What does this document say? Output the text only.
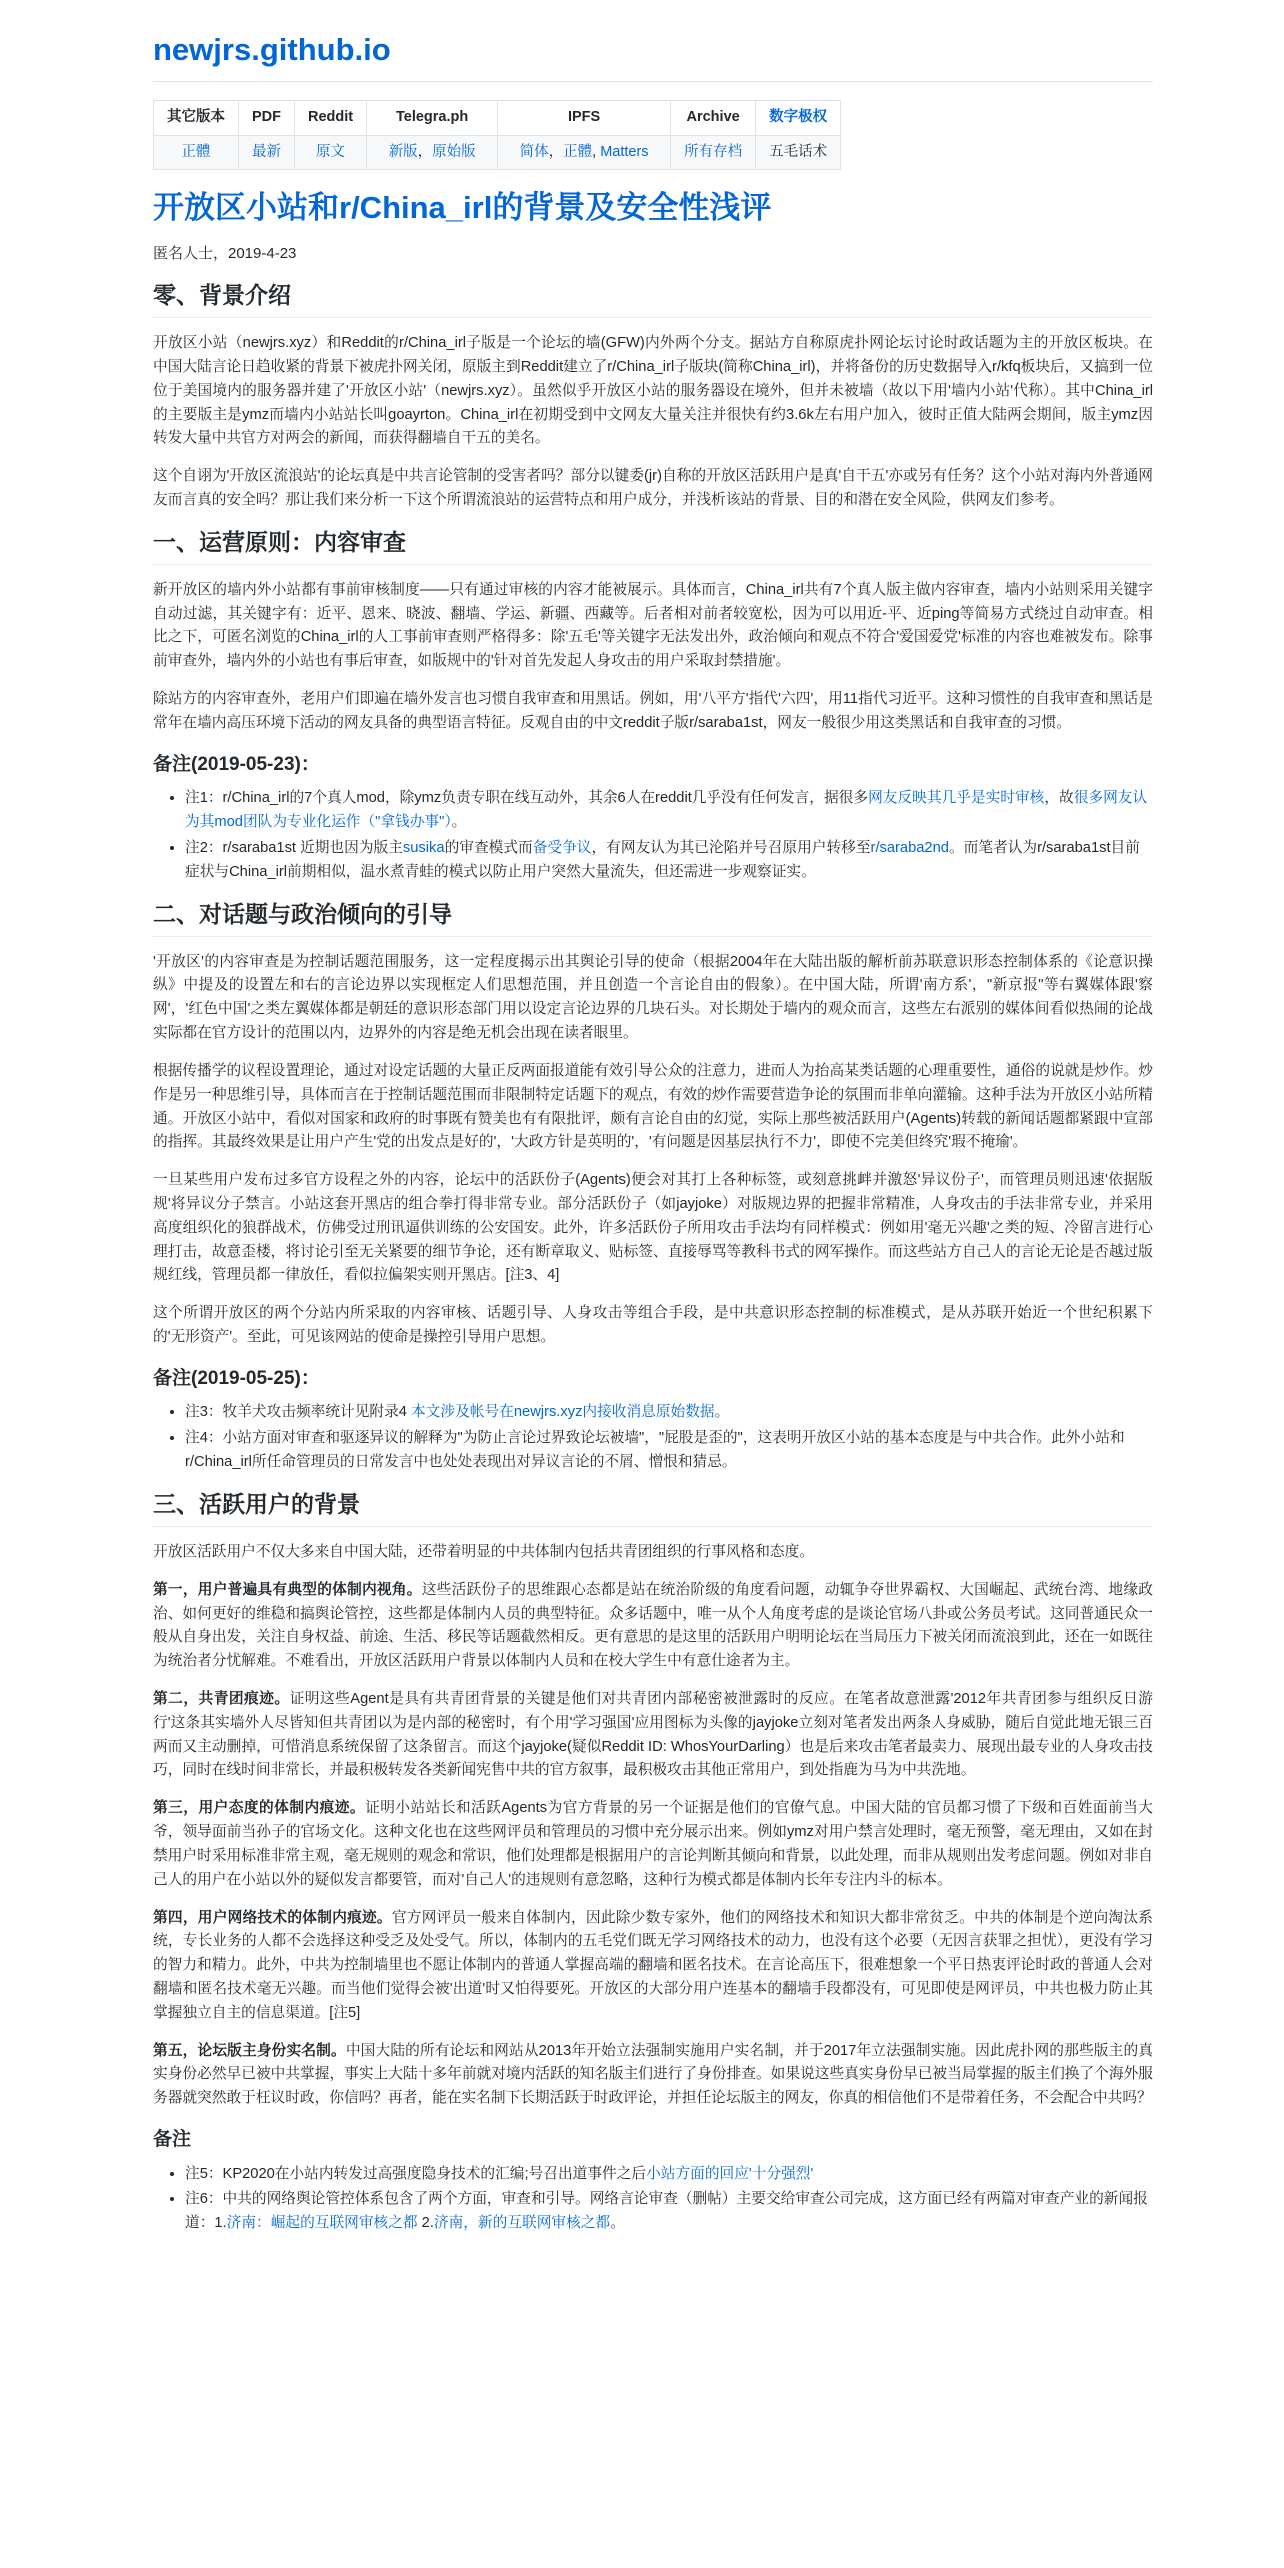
newjrs.github.io
其它版本	PDF	Reddit	Telegra.ph	IPFS	Archive	数字极权
正體	最新	原文	新版，原始版	简体，正體, Matters	所有存档	五毛话术
开放区小站和r/China_irl的背景及安全性浅评
匿名人士，2019-4-23
零、背景介绍

开放区小站（newjrs.xyz）和Reddit的r/China_irl子版是一个论坛的墙(GFW)内外两个分支。据站方自称原虎扑网论坛讨论时政话题为主的开放区板块。在中国大陆言论日趋收紧的背景下被虎扑网关闭，原版主到Reddit建立了r/China_irl子版块(简称China_irl)，并将备份的历史数据导入r/kfq板块后，又搞到一位位于美国境内的服务器并建了'开放区小站'（newjrs.xyz）。虽然似乎开放区小站的服务器设在境外，但并未被墙（故以下用'墙内小站'代称）。其中China_irl的主要版主是ymz而墙内小站站长叫goayrton。China_irl在初期受到中文网友大量关注并很快有约3.6k左右用户加入，彼时正值大陆两会期间，版主ymz因转发大量中共官方对两会的新闻，而获得翻墙自干五的美名。

这个自诩为'开放区流浪站'的论坛真是中共言论管制的受害者吗？部分以键委(jr)自称的开放区活跃用户是真'自干五'亦或另有任务？这个小站对海内外普通网友而言真的安全吗？那让我们来分析一下这个所谓流浪站的运营特点和用户成分，并浅析该站的背景、目的和潜在安全风险，供网友们参考。

一、运营原则：内容审查

新开放区的墙内外小站都有事前审核制度——只有通过审核的内容才能被展示。具体而言，China_irl共有7个真人版主做内容审查，墙内小站则采用关键字自动过滤，其关键字有：近平、恩来、晓波、翻墙、学运、新疆、西藏等。后者相对前者较宽松，因为可以用近-平、近ping等简易方式绕过自动审查。相比之下，可匿名浏览的China_irl的人工事前审查则严格得多：除'五毛'等关键字无法发出外，政治倾向和观点不符合'爱国爱党'标准的内容也难被发布。除事前审查外，墙内外的小站也有事后审查，如版规中的'针对首先发起人身攻击的用户采取封禁措施'。

除站方的内容审查外，老用户们即遍在墙外发言也习惯自我审查和用黑话。例如，用'八平方'指代'六四'，用11指代习近平。这种习惯性的自我审查和黑话是常年在墙内高压环境下活动的网友具备的典型语言特征。反观自由的中文reddit子版r/saraba1st，网友一般很少用这类黑话和自我审查的习惯。

备注(2019-05-23)：
• 注1：r/China_irl的7个真人mod，除ymz负责专职在线互动外，其余6人在reddit几乎没有任何发言，据很多网友反映其几乎是实时审核，故很多网友认为其mod团队为专业化运作（"拿钱办事"）。
• 注2：r/saraba1st 近期也因为版主susika的审查模式而备受争议，有网友认为其已沦陷并号召原用户转移至r/saraba2nd。而笔者认为r/saraba1st目前症状与China_irl前期相似，温水煮青蛙的模式以防止用户突然大量流失，但还需进一步观察证实。
二、对话题与政治倾向的引导

'开放区'的内容审查是为控制话题范围服务，这一定程度揭示出其舆论引导的使命（根据2004年在大陆出版的解析前苏联意识形态控制体系的《论意识操纵》中提及的设置左和右的言论边界以实现框定人们思想范围，并且创造一个言论自由的假象）。在中国大陆，所谓'南方系'，"新京报"等右翼媒体跟'察网'，'红色中国'之类左翼媒体都是朝廷的意识形态部门用以设定言论边界的几块石头。对长期处于墙内的观众而言，这些左右派别的媒体间看似热闹的论战实际都在官方设计的范围以内，边界外的内容是绝无机会出现在读者眼里。

根据传播学的议程设置理论，通过对设定话题的大量正反两面报道能有效引导公众的注意力，进而人为抬高某类话题的心理重要性，通俗的说就是炒作。炒作是另一种思维引导，具体而言在于控制话题范围而非限制特定话题下的观点，有效的炒作需要营造争论的氛围而非单向灌输。这种手法为开放区小站所精通。开放区小站中，看似对国家和政府的时事既有赞美也有有限批评，颇有言论自由的幻觉，实际上那些被活跃用户(Agents)转载的新闻话题都紧跟中宣部的指挥。其最终效果是让用户产生'党的出发点是好的'，'大政方针是英明的'，'有问题是因基层执行不力'，即使不完美但终究'瑕不掩瑜'。

一旦某些用户发布过多官方设程之外的内容，论坛中的活跃份子(Agents)便会对其打上各种标签，或刻意挑衅并激怒'异议份子'，而管理员则迅速'依据版规'将异议分子禁言。小站这套开黑店的组合拳打得非常专业。部分活跃份子（如jayjoke）对版规边界的把握非常精准，人身攻击的手法非常专业，并采用高度组织化的狼群战术，仿佛受过刑讯逼供训练的公安国安。此外，许多活跃份子所用攻击手法均有同样模式：例如用'毫无兴趣'之类的短、冷留言进行心理打击，故意歪楼，将讨论引至无关紧要的细节争论，还有断章取义、贴标签、直接辱骂等教科书式的网军操作。而这些站方自己人的言论无论是否越过版规红线，管理员都一律放任，看似拉偏架实则开黑店。[注3、4]

这个所谓开放区的两个分站内所采取的内容审核、话题引导、人身攻击等组合手段，是中共意识形态控制的标准模式，是从苏联开始近一个世纪积累下的'无形资产'。至此，可见该网站的使命是操控引导用户思想。

备注(2019-05-25)：
• 注3：牧羊犬攻击频率统计见附录4 本文涉及帐号在newjrs.xyz内接收消息原始数据。
• 注4：小站方面对审查和驱逐异议的解释为"为防止言论过界致论坛被墙"，"屁股是歪的"，这表明开放区小站的基本态度是与中共合作。此外小站和r/China_irl所任命管理员的日常发言中也处处表现出对异议言论的不屑、憎恨和猜忌。
三、活跃用户的背景

开放区活跃用户不仅大多来自中国大陆，还带着明显的中共体制内包括共青团组织的行事风格和态度。

第一，用户普遍具有典型的体制内视角。这些活跃份子的思维跟心态都是站在统治阶级的角度看问题，动辄争夺世界霸权、大国崛起、武统台湾、地缘政治、如何更好的维稳和搞舆论管控，这些都是体制内人员的典型特征。众多话题中，唯一从个人角度考虑的是谈论官场八卦或公务员考试。这同普通民众一般从自身出发，关注自身权益、前途、生活、移民等话题截然相反。更有意思的是这里的活跃用户明明论坛在当局压力下被关闭而流浪到此，还在一如既往为统治者分忧解难。不难看出，开放区活跃用户背景以体制内人员和在校大学生中有意仕途者为主。

第二，共青团痕迹。证明这些Agent是具有共青团背景的关键是他们对共青团内部秘密被泄露时的反应。在笔者故意泄露'2012年共青团参与组织反日游行'这条其实墙外人尽皆知但共青团以为是内部的秘密时，有个用'学习强国'应用图标为头像的jayjoke立刻对笔者发出两条人身威胁，随后自觉此地无银三百两而又主动删掉，可惜消息系统保留了这条留言。而这个jayjoke(疑似Reddit ID: WhosYourDarling）也是后来攻击笔者最卖力、展现出最专业的人身攻击技巧，同时在线时间非常长，并最积极转发各类新闻宪售中共的官方叙事，最积极攻击其他正常用户，到处指鹿为马为中共洗地。

第三，用户态度的体制内痕迹。证明小站站长和活跃Agents为官方背景的另一个证据是他们的官僚气息。中国大陆的官员都习惯了下级和百姓面前当大爷，领导面前当孙子的官场文化。这种文化也在这些网评员和管理员的习惯中充分展示出来。例如ymz对用户禁言处理时，毫无预警，毫无理由，又如在封禁用户时采用标准非常主观，毫无规则的观念和常识，他们处理都是根据用户的言论判断其倾向和背景，以此处理，而非从规则出发考虑问题。例如对非自己人的用户在小站以外的疑似发言都要管，而对'自己人'的违规则有意忽略，这种行为模式都是体制内长年专注内斗的标本。

第四，用户网络技术的体制内痕迹。官方网评员一般来自体制内，因此除少数专家外，他们的网络技术和知识大都非常贫乏。中共的体制是个逆向淘汰系统，专长业务的人都不会选择这种受乏及处受气。所以，体制内的五毛党们既无学习网络技术的动力，也没有这个必要（无因言获罪之担忧），更没有学习的智力和精力。此外，中共为控制墙里也不愿让体制内的普通人掌握高端的翻墙和匿名技术。在言论高压下，很难想象一个平日热衷评论时政的普通人会对翻墙和匿名技术毫无兴趣。而当他们觉得会被'出道'时又怕得要死。开放区的大部分用户连基本的翻墙手段都没有，可见即使是网评员，中共也极力防止其掌握独立自主的信息渠道。[注5]

第五，论坛版主身份实名制。中国大陆的所有论坛和网站从2013年开始立法强制实施用户实名制，并于2017年立法强制实施。因此虎扑网的那些版主的真实身份必然早已被中共掌握，事实上大陆十多年前就对境内活跃的知名版主们进行了身份排查。如果说这些真实身份早已被当局掌握的版主们换了个海外服务器就突然敢于枉议时政，你信吗？再者，能在实名制下长期活跃于时政评论，并担任论坛版主的网友，你真的相信他们不是带着任务，不会配合中共吗？

备注
• 注5：KP2020在小站内转发过高强度隐身技术的汇编;号召出道事件之后小站方面的回应'十分强烈'
• 注6：中共的网络舆论管控体系包含了两个方面，审查和引导。网络言论审查（删帖）主要交给审查公司完成，这方面已经有两篇对审查产业的新闻报道：1.济南：崛起的互联网审核之都 2.济南，新的互联网审核之都。
